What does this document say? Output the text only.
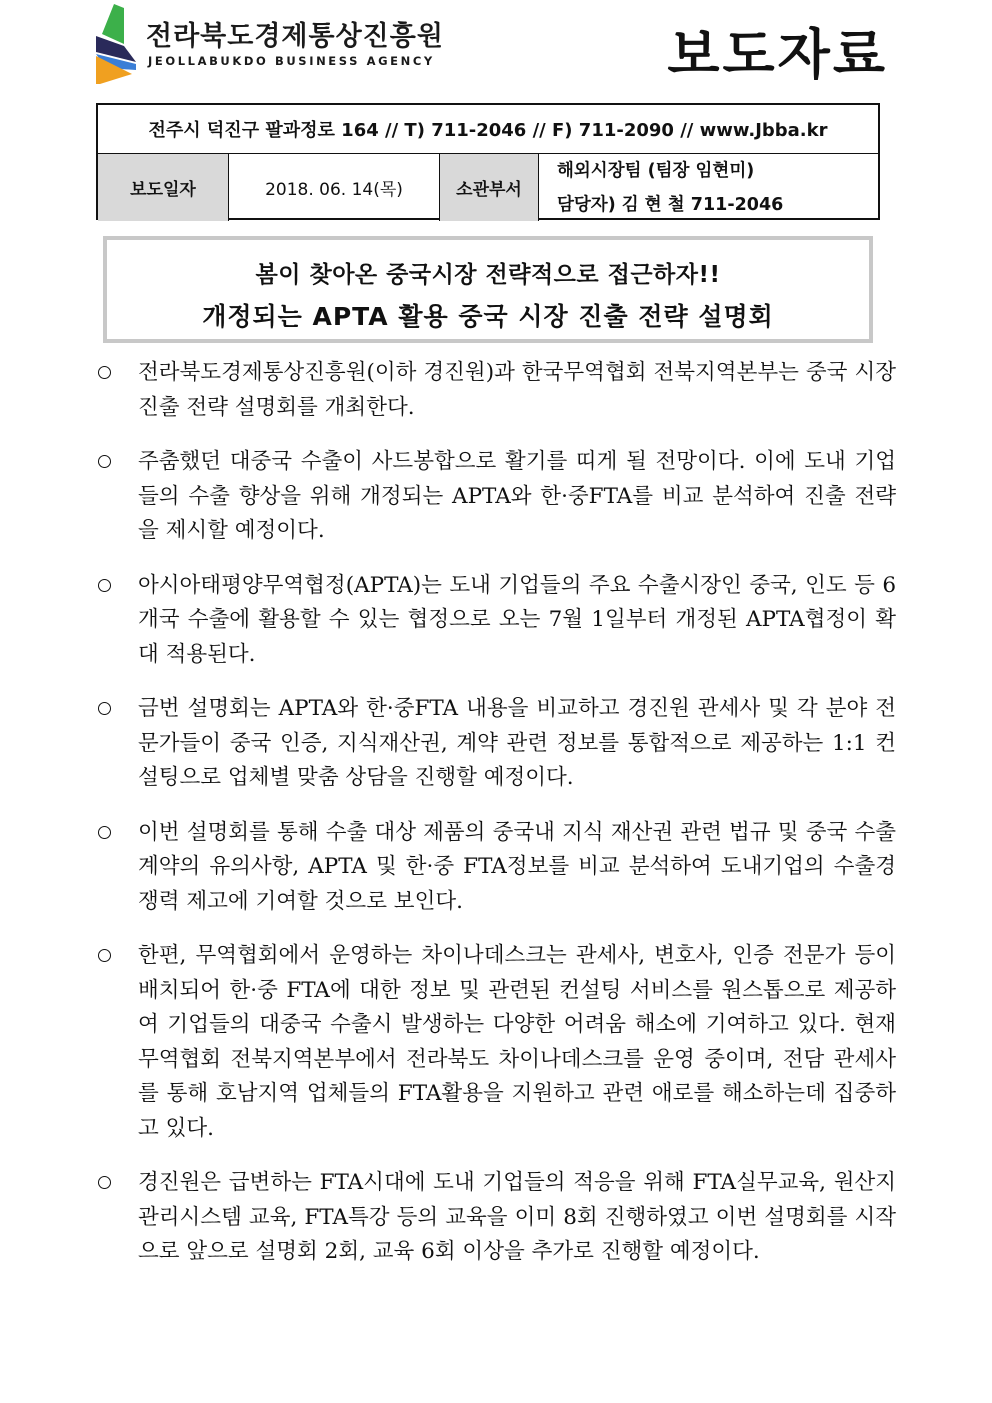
전라북도경제통상진흥원
JEOLLABUKDO BUSINESS AGENCY	보도자료
전주시 덕진구 팔과정로 164 // T) 711-2046 // F) 711-2090 // www.Jbba.kr
보도일자	2018. 06. 14(목)	소관부서
해외시장팀 (팀장 임현미)
담당자) 김 현 철 711-2046
봄이 찾아온 중국시장 전략적으로 접근하자!!
개정되는 APTA 활용 중국 시장 진출 전략 설명회
전라북도경제통상진흥원(이하 경진원)과 한국무역협회 전북지역본부는 중국 시장 진출 전략 설명회를 개최한다.
주춤했던 대중국 수출이 사드봉합으로 활기를 띠게 될 전망이다. 이에 도내 기업들의 수출 향상을 위해 개정되는 APTA와 한·중FTA를 비교 분석하여 진출 전략을 제시할 예정이다.
아시아태평양무역협정(APTA)는 도내 기업들의 주요 수출시장인 중국, 인도 등 6개국 수출에 활용할 수 있는 협정으로 오는 7월 1일부터 개정된 APTA협정이 확대 적용된다.
금번 설명회는 APTA와 한·중FTA 내용을 비교하고 경진원 관세사 및 각 분야 전문가들이 중국 인증, 지식재산권, 계약 관련 정보를 통합적으로 제공하는 1:1 컨설팅으로 업체별 맞춤 상담을 진행할 예정이다.
이번 설명회를 통해 수출 대상 제품의 중국내 지식 재산권 관련 법규 및 중국 수출 계약의 유의사항, APTA 및 한·중 FTA정보를 비교 분석하여 도내기업의 수출경쟁력 제고에 기여할 것으로 보인다.
한편, 무역협회에서 운영하는 차이나데스크는 관세사, 변호사, 인증 전문가 등이 배치되어 한·중 FTA에 대한 정보 및 관련된 컨설팅 서비스를 원스톱으로 제공하여 기업들의 대중국 수출시 발생하는 다양한 어려움 해소에 기여하고 있다. 현재 무역협회 전북지역본부에서 전라북도 차이나데스크를 운영 중이며, 전담 관세사를 통해 호남지역 업체들의 FTA활용을 지원하고 관련 애로를 해소하는데 집중하고 있다.
경진원은 급변하는 FTA시대에 도내 기업들의 적응을 위해 FTA실무교육, 원산지관리시스템 교육, FTA특강 등의 교육을 이미 8회 진행하였고 이번 설명회를 시작으로 앞으로 설명회 2회, 교육 6회 이상을 추가로 진행할 예정이다.
